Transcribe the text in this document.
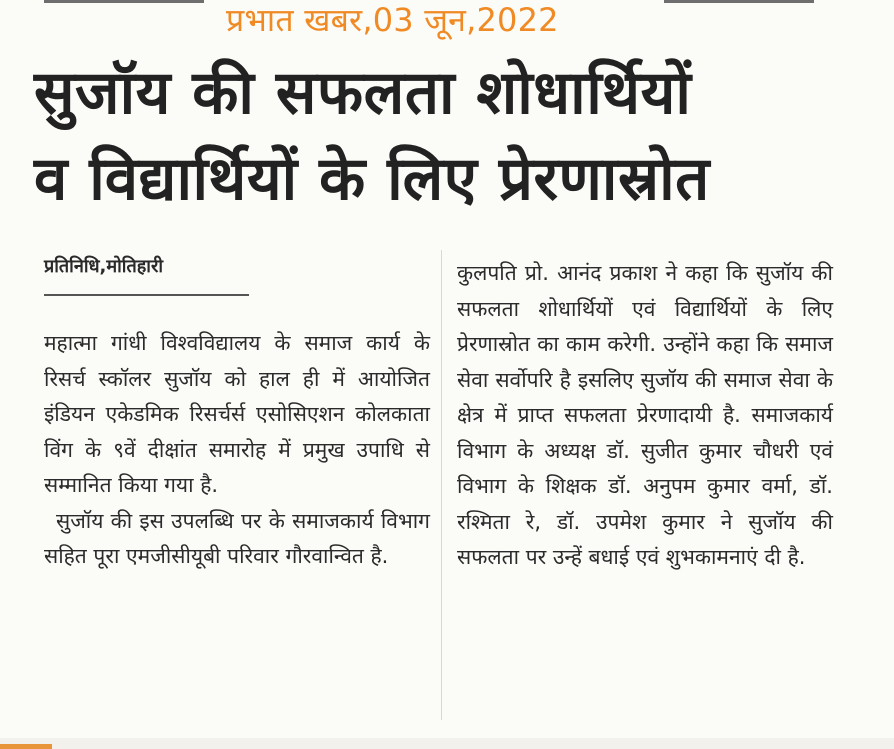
प्रभात खबर,03 जून,2022
सुजॉय की सफलता शोधार्थियों
व विद्यार्थियों के लिए प्रेरणास्रोत
प्रतिनिधि,मोतिहारी

महात्मा गांधी विश्वविद्यालय के समाज कार्य के रिसर्च स्कॉलर सुजॉय को हाल ही में आयोजित इंडियन एकेडमिक रिसर्चर्स एसोसिएशन कोलकाता विंग के ९वें दीक्षांत समारोह में प्रमुख उपाधि से सम्मानित किया गया है.

सुजॉय की इस उपलब्धि पर के समाजकार्य विभाग सहित पूरा एमजीसीयूबी परिवार गौरवान्वित है.

कुलपति प्रो. आनंद प्रकाश ने कहा कि सुजॉय की सफलता शोधार्थियों एवं विद्यार्थियों के लिए प्रेरणास्रोत का काम करेगी. उन्होंने कहा कि समाज सेवा सर्वोपरि है इसलिए सुजॉय की समाज सेवा के क्षेत्र में प्राप्त सफलता प्रेरणादायी है. समाजकार्य विभाग के अध्यक्ष डॉ. सुजीत कुमार चौधरी एवं विभाग के शिक्षक डॉ. अनुपम कुमार वर्मा, डॉ. रश्मिता रे, डॉ. उपमेश कुमार ने सुजॉय की सफलता पर उन्हें बधाई एवं शुभकामनाएं दी है.
